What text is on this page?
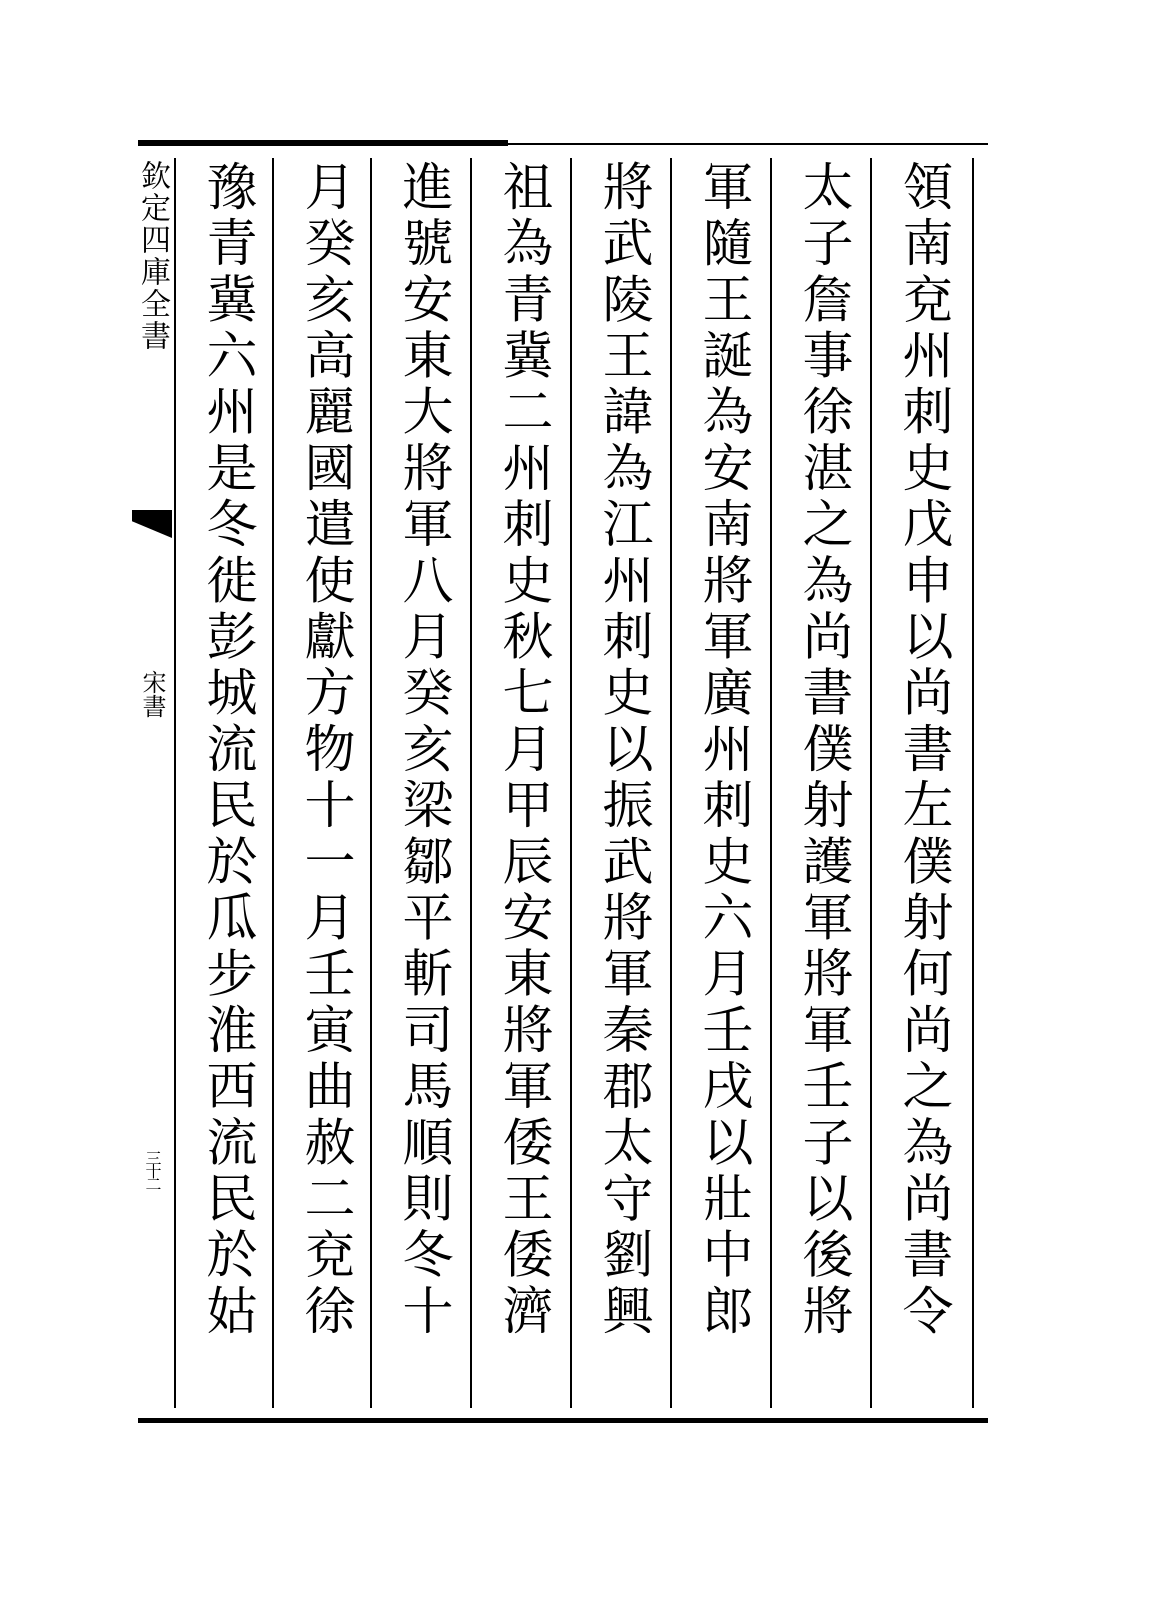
欽定四庫全書
宋書
三十二	領南兗州刺史戊申以尚書左僕射何尚之為尚書令
太子詹事徐湛之為尚書僕射護軍將軍壬子以後將
軍隨王誕為安南將軍廣州刺史六月壬戌以壯中郎
將武陵王諱為江州刺史以振武將軍秦郡太守劉興
祖為青冀二州刺史秋七月甲辰安東將軍倭王倭濟
進號安東大將軍八月癸亥梁鄒平斬司馬順則冬十
月癸亥高麗國遣使獻方物十一月壬寅曲赦二兗徐
豫青冀六州是冬徙彭城流民於瓜步淮西流民於姑
